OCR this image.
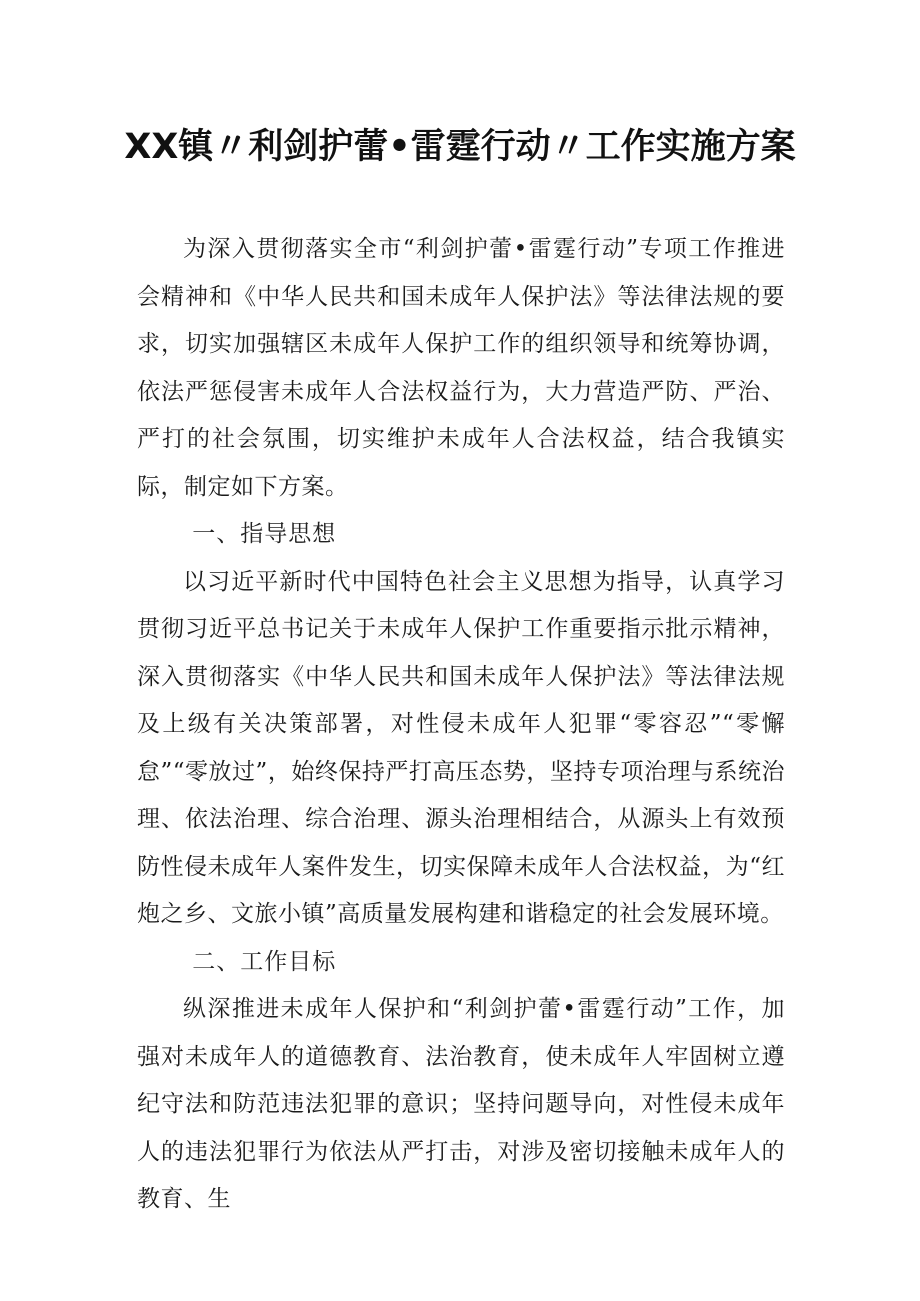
XX镇〃利剑护蕾•雷霆行动〃工作实施方案

为深入贯彻落实全市“利剑护蕾•雷霆行动”专项工作推进会精神和《中华人民共和国未成年人保护法》等法律法规的要求，切实加强辖区未成年人保护工作的组织领导和统筹协调，依法严惩侵害未成年人合法权益行为，大力营造严防、严治、严打的社会氛围，切实维护未成年人合法权益，结合我镇实际，制定如下方案。

一、指导思想

以习近平新时代中国特色社会主义思想为指导，认真学习贯彻习近平总书记关于未成年人保护工作重要指示批示精神，深入贯彻落实《中华人民共和国未成年人保护法》等法律法规及上级有关决策部署，对性侵未成年人犯罪“零容忍”“零懈怠”“零放过”，始终保持严打高压态势，坚持专项治理与系统治理、依法治理、综合治理、源头治理相结合，从源头上有效预防性侵未成年人案件发生，切实保障未成年人合法权益，为“红炮之乡、文旅小镇”高质量发展构建和谐稳定的社会发展环境。

二、工作目标

纵深推进未成年人保护和“利剑护蕾•雷霆行动”工作，加强对未成年人的道德教育、法治教育，使未成年人牢固树立遵纪守法和防范违法犯罪的意识；坚持问题导向，对性侵未成年人的违法犯罪行为依法从严打击，对涉及密切接触未成年人的教育、生
